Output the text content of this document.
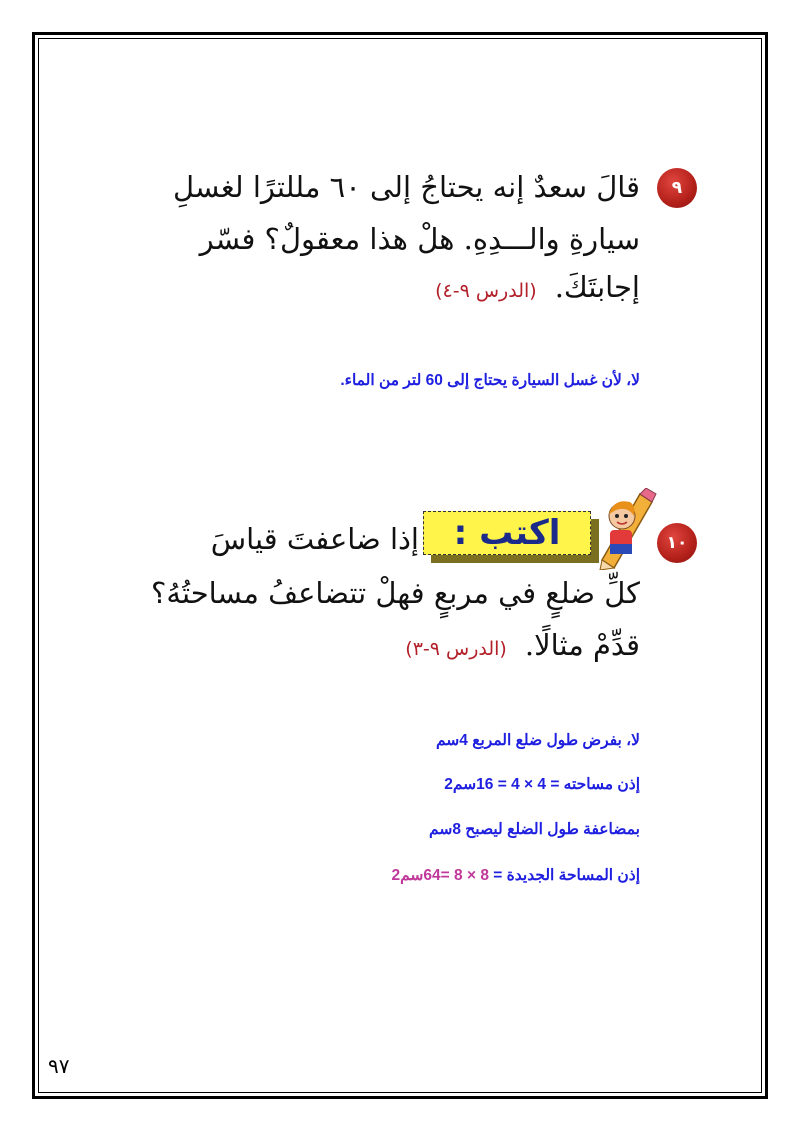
٩
قالَ سعدٌ إنه يحتاجُ إلى ٦٠ مللترًا لغسلِ
سيارةِ والـــدِهِ. هلْ هذا معقولٌ؟ فسّر
إجابتَكَ.(الدرس ٩-٤)
لا، لأن غسل السيارة يحتاج إلى 60 لتر من الماء.
١٠
اكتب :
إذا ضاعفتَ قياسَ
كلِّ ضلعٍ في مربعٍ فهلْ تتضاعفُ مساحتُهُ؟
قدِّمْ مثالًا.(الدرس ٩-٣)
لا، بفرض طول ضلع المربع 4سم
إذن مساحته = 4 × 4 = 16سم2
بمضاعفة طول الضلع ليصبح 8سم
إذن المساحة الجديدة = 8 × 8 =64سم2
٩٧
